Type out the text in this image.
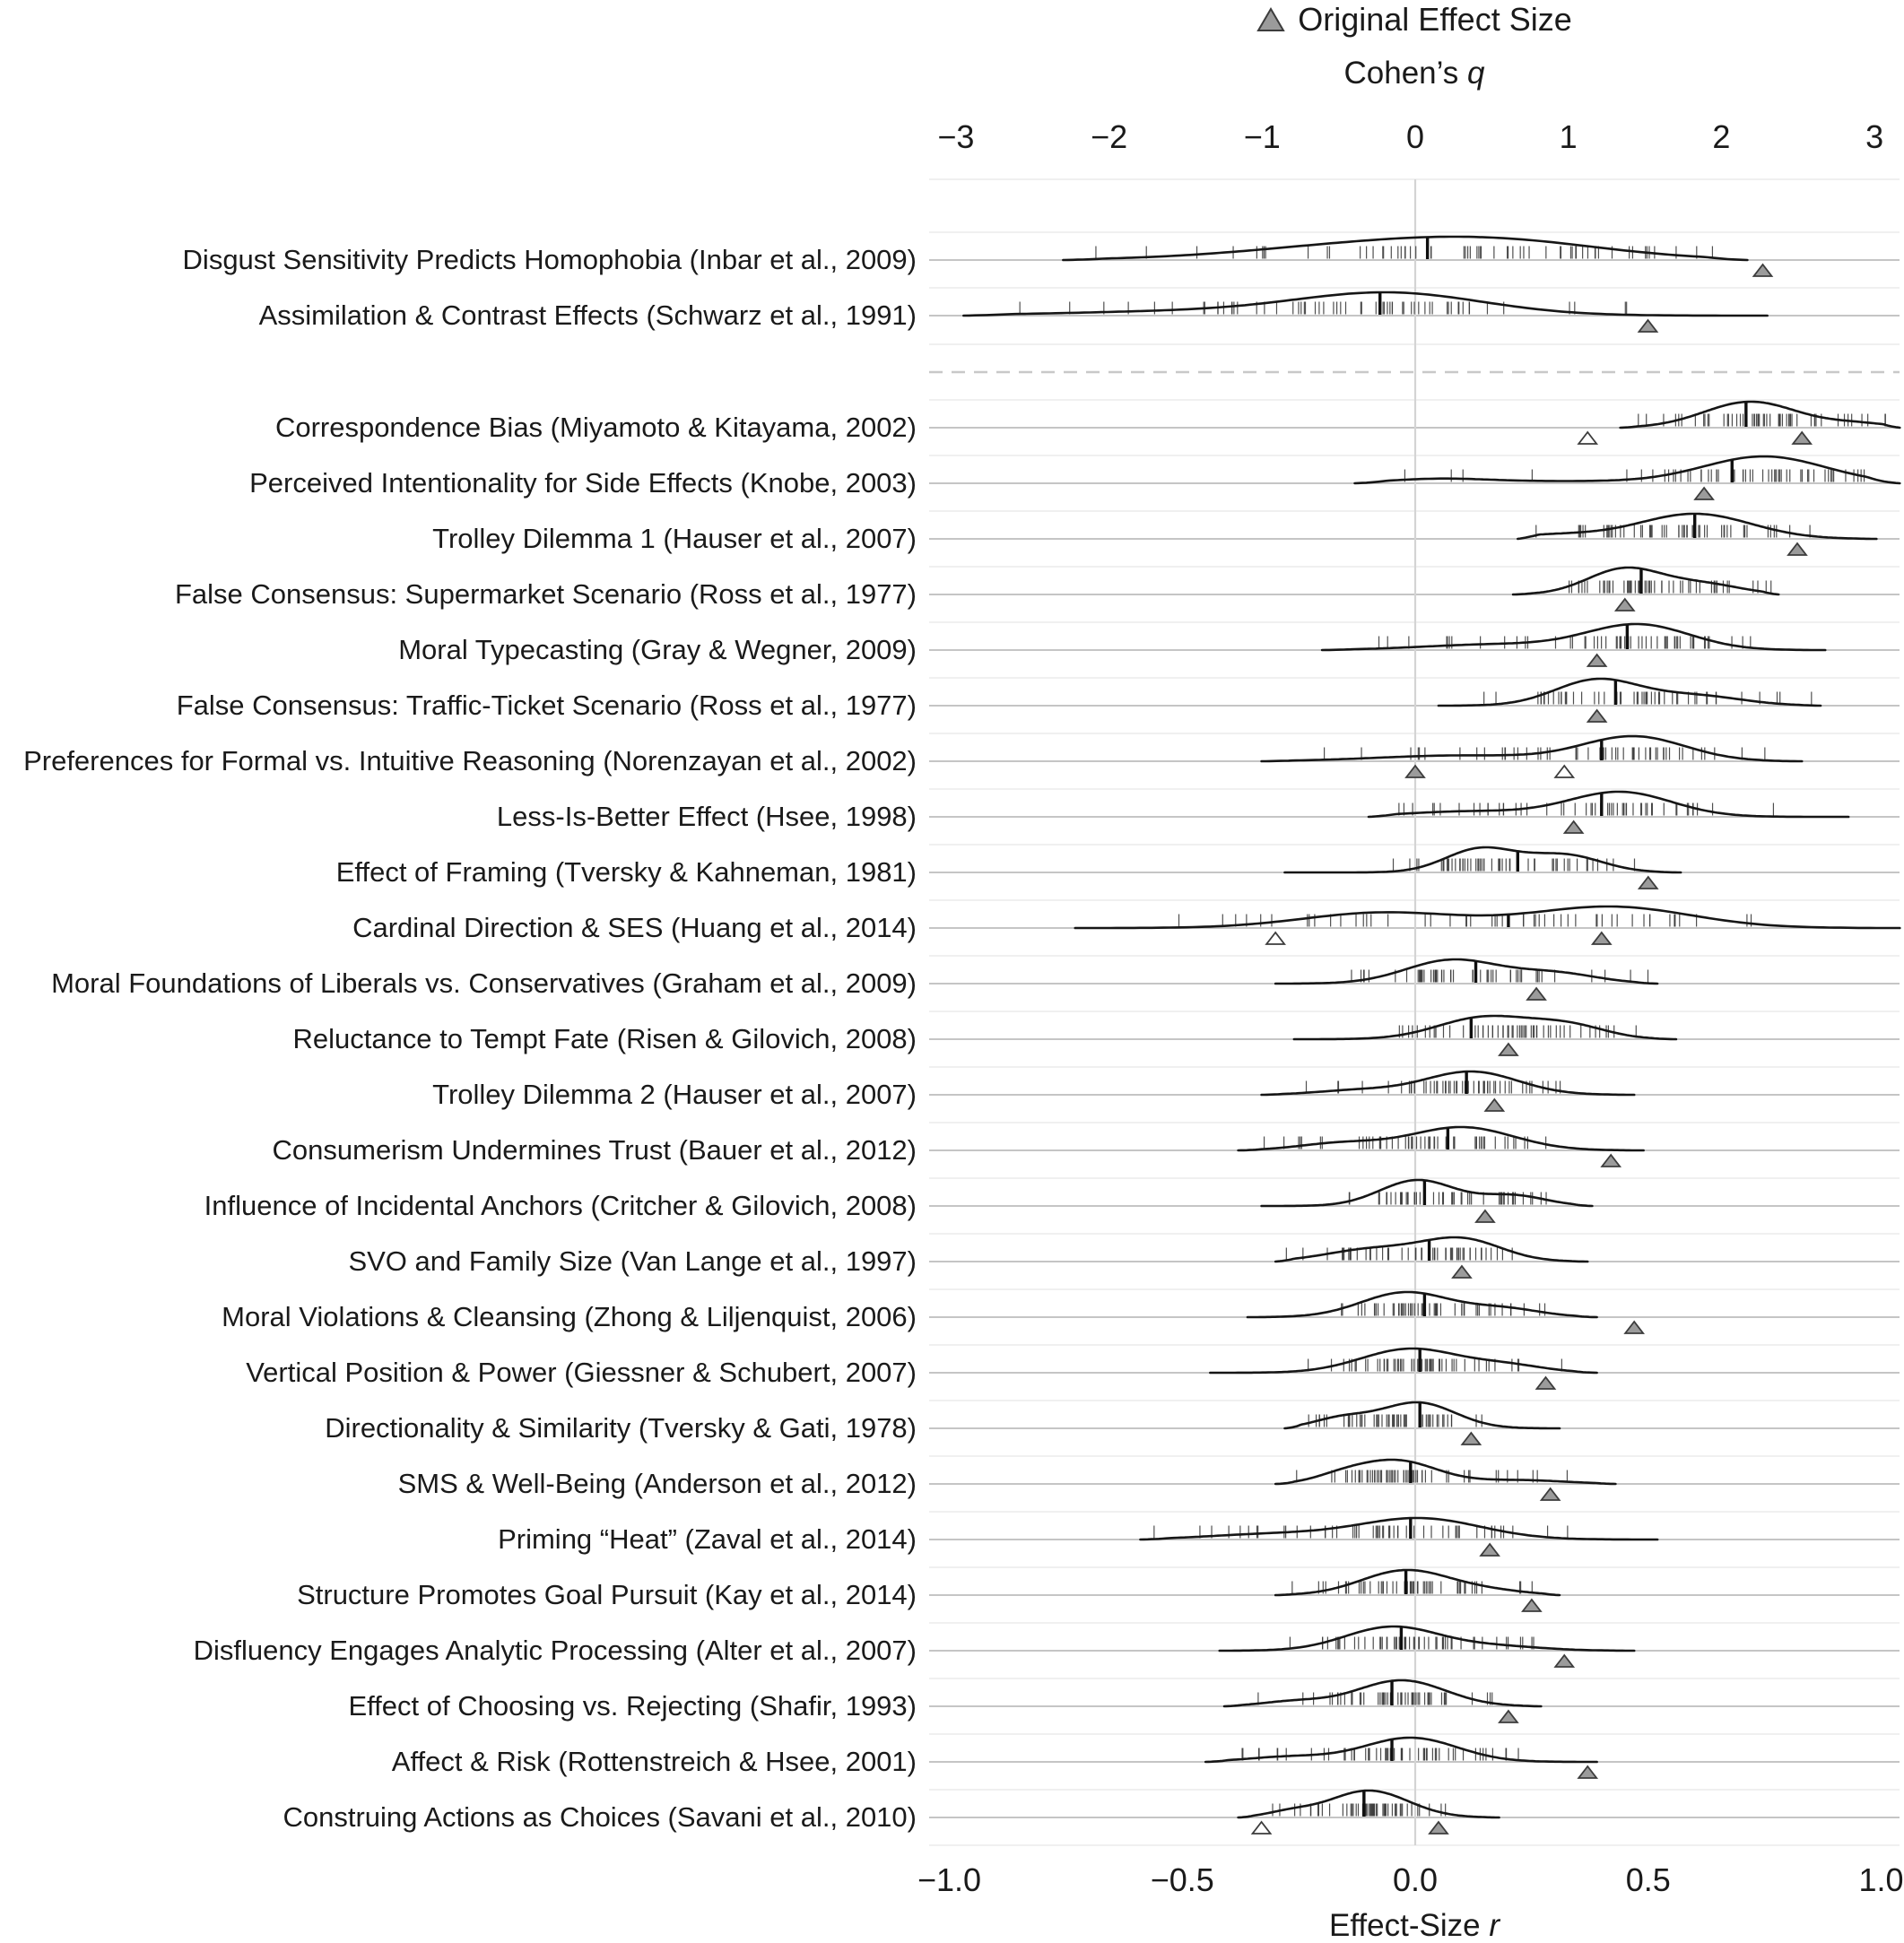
Original Effect Size
Cohen’s q
−3	−2	−1	0	1	2	3
−1.0	−0.5	0.0	0.5	1.0
Disgust Sensitivity Predicts Homophobia (Inbar et al., 2009)
Assimilation & Contrast Effects (Schwarz et al., 1991)
Correspondence Bias (Miyamoto & Kitayama, 2002)
Perceived Intentionality for Side Effects (Knobe, 2003)
Trolley Dilemma 1 (Hauser et al., 2007)
False Consensus: Supermarket Scenario (Ross et al., 1977)
Moral Typecasting (Gray & Wegner, 2009)
False Consensus: Traffic-Ticket Scenario (Ross et al., 1977)
Preferences for Formal vs. Intuitive Reasoning (Norenzayan et al., 2002)
Less-Is-Better Effect (Hsee, 1998)
Effect of Framing (Tversky & Kahneman, 1981)
Cardinal Direction & SES (Huang et al., 2014)
Moral Foundations of Liberals vs. Conservatives (Graham et al., 2009)
Reluctance to Tempt Fate (Risen & Gilovich, 2008)
Trolley Dilemma 2 (Hauser et al., 2007)
Consumerism Undermines Trust (Bauer et al., 2012)
Influence of Incidental Anchors (Critcher & Gilovich, 2008)
SVO and Family Size (Van Lange et al., 1997)
Moral Violations & Cleansing (Zhong & Liljenquist, 2006)
Vertical Position & Power (Giessner & Schubert, 2007)
Directionality & Similarity (Tversky & Gati, 1978)
SMS & Well-Being (Anderson et al., 2012)
Priming “Heat” (Zaval et al., 2014)
Structure Promotes Goal Pursuit (Kay et al., 2014)
Disfluency Engages Analytic Processing (Alter et al., 2007)
Effect of Choosing vs. Rejecting (Shafir, 1993)
Affect & Risk (Rottenstreich & Hsee, 2001)
Construing Actions as Choices (Savani et al., 2010)
Effect-Size r
